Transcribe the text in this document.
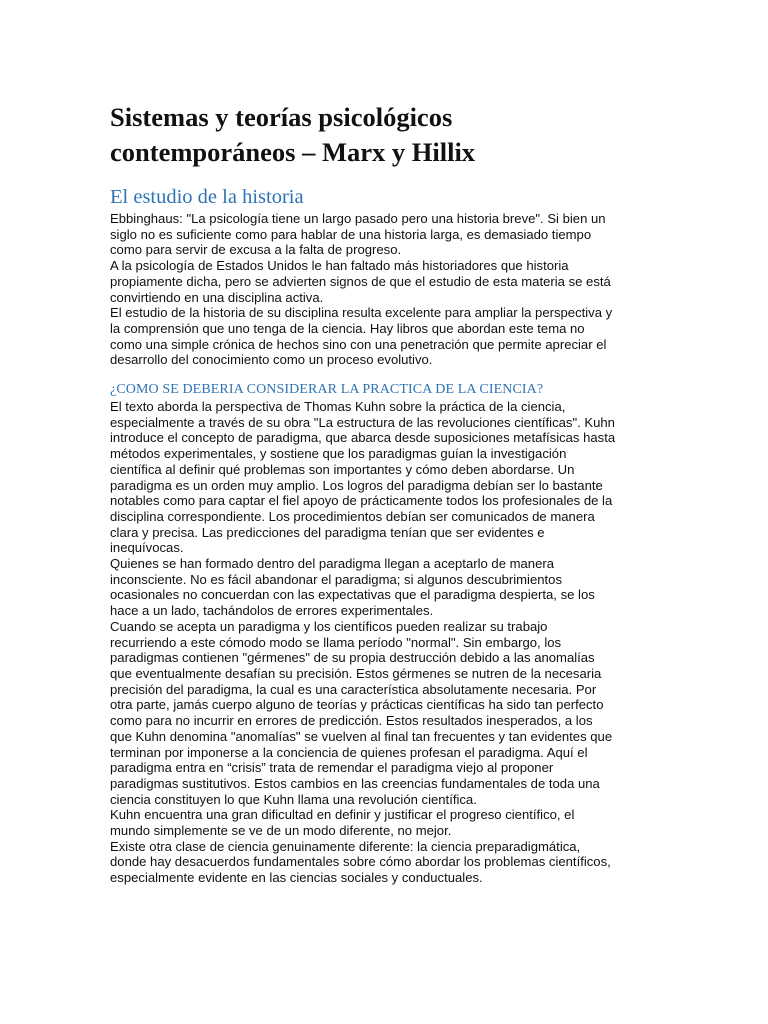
Sistemas y teorías psicológicos
contemporáneos – Marx y Hillix
El estudio de la historia
Ebbinghaus: "La psicología tiene un largo pasado pero una historia breve". Si bien un
siglo no es suficiente como para hablar de una historia larga, es demasiado tiempo
como para servir de excusa a la falta de progreso.
A la psicología de Estados Unidos le han faltado más historiadores que historia
propiamente dicha, pero se advierten signos de que el estudio de esta materia se está
convirtiendo en una disciplina activa.
El estudio de la historia de su disciplina resulta excelente para ampliar la perspectiva y
la comprensión que uno tenga de la ciencia. Hay libros que abordan este tema no
como una simple crónica de hechos sino con una penetración que permite apreciar el
desarrollo del conocimiento como un proceso evolutivo.
¿COMO SE DEBERIA CONSIDERAR LA PRACTICA DE LA CIENCIA?
El texto aborda la perspectiva de Thomas Kuhn sobre la práctica de la ciencia,
especialmente a través de su obra "La estructura de las revoluciones científicas". Kuhn
introduce el concepto de paradigma, que abarca desde suposiciones metafísicas hasta
métodos experimentales, y sostiene que los paradigmas guían la investigación
científica al definir qué problemas son importantes y cómo deben abordarse. Un
paradigma es un orden muy amplio. Los logros del paradigma debían ser lo bastante
notables como para captar el fiel apoyo de prácticamente todos los profesionales de la
disciplina correspondiente. Los procedimientos debían ser comunicados de manera
clara y precisa. Las predicciones del paradigma tenían que ser evidentes e
inequívocas.
Quienes se han formado dentro del paradigma llegan a aceptarlo de manera
inconsciente. No es fácil abandonar el paradigma; si algunos descubrimientos
ocasionales no concuerdan con las expectativas que el paradigma despierta, se los
hace a un lado, tachándolos de errores experimentales.
Cuando se acepta un paradigma y los científicos pueden realizar su trabajo
recurriendo a este cómodo modo se llama período "normal". Sin embargo, los
paradigmas contienen "gérmenes" de su propia destrucción debido a las anomalías
que eventualmente desafían su precisión. Estos gérmenes se nutren de la necesaria
precisión del paradigma, la cual es una característica absolutamente necesaria. Por
otra parte, jamás cuerpo alguno de teorías y prácticas científicas ha sido tan perfecto
como para no incurrir en errores de predicción. Estos resultados inesperados, a los
que Kuhn denomina "anomalías" se vuelven al final tan frecuentes y tan evidentes que
terminan por imponerse a la conciencia de quienes profesan el paradigma. Aquí el
paradigma entra en “crisis” trata de remendar el paradigma viejo al proponer
paradigmas sustitutivos. Estos cambios en las creencias fundamentales de toda una
ciencia constituyen lo que Kuhn llama una revolución científica.
Kuhn encuentra una gran dificultad en definir y justificar el progreso científico, el
mundo simplemente se ve de un modo diferente, no mejor.
Existe otra clase de ciencia genuinamente diferente: la ciencia preparadigmática,
donde hay desacuerdos fundamentales sobre cómo abordar los problemas científicos,
especialmente evidente en las ciencias sociales y conductuales.
